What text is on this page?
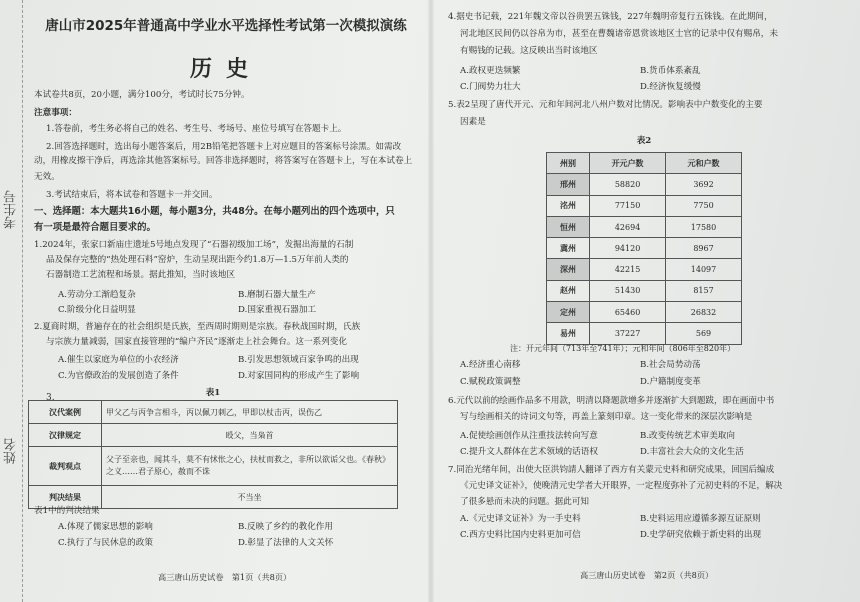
考生号
姓名
唐山市2025年普通高中学业水平选择性考试第一次模拟演练
历史
本试卷共8页，20小题，满分100分，考试时长75分钟。
注意事项：
1.答卷前，考生务必将自己的姓名、考生号、考场号、座位号填写在答题卡上。
2.回答选择题时，选出每小题答案后，用2B铅笔把答题卡上对应题目的答案标号涂黑。如需改
动，用橡皮擦干净后，再选涂其他答案标号。回答非选择题时，将答案写在答题卡上，写在本试卷上
无效。
3.考试结束后，将本试卷和答题卡一并交回。
一、选择题：本大题共16小题，每小题3分，共48分。在每小题列出的四个选项中，只
有一项是最符合题目要求的。
1.2024年，张家口新庙庄遗址5号地点发现了“石器初级加工场”，发掘出海量的石制
品及保存完整的“热处理石料”窑炉，生动呈现出距今约1.8万—1.5万年前人类的
石器制造工艺流程和场景。据此推知，当时该地区
A.劳动分工渐趋复杂	B.磨制石器大量生产
C.阶级分化日益明显	D.国家重视石器加工
2.夏商时期，普遍存在的社会组织是氏族，至西周时期则是宗族。春秋战国时期，氏族
与宗族力量减弱，国家直接管理的“编户齐民”逐渐走上社会舞台。这一系列变化
A.催生以家庭为单位的小农经济	B.引发思想领域百家争鸣的出现
C.为官僚政治的发展创造了条件	D.对家国同构的形成产生了影响
3.	表1
汉代案例	甲父乙与丙争言相斗，丙以佩刀刺乙，甲即以杖击丙，误伤乙
汉律规定	殴父，当枭首
裁判观点	父子至亲也，闻其斗，莫不有怵怅之心，扶杖而救之，非所以欲诟父也。《春秋》之义……君子原心，赦而不诛
判决结果	不当坐
表1中的判决结果
A.体现了儒家思想的影响	B.反映了乡约的教化作用
C.执行了与民休息的政策	D.彰显了法律的人文关怀
高三唐山历史试卷　第1页（共8页）
4.据史书记载，221年魏文帝以谷贵罢五铢钱，227年魏明帝复行五铢钱。在此期间，
河北地区民间仍以谷帛为市，甚至在曹魏诸帝恩赏该地区士官的记录中仅有赐帛，未
有赐钱的记载。这反映出当时该地区
A.政权更迭频繁	B.货币体系紊乱
C.门阀势力壮大	D.经济恢复缓慢
5.表2呈现了唐代开元、元和年间河北八州户数对比情况。影响表中户数变化的主要
因素是
表2
州别	开元户数	元和户数
邢州	58820	3692
洺州	77150	7750
恒州	42694	17580
冀州	94120	8967
深州	42215	14097
赵州	51430	8157
定州	65460	26832
易州	37227	569
注：开元年间（713年至741年）；元和年间（806年至820年）
A.经济重心南移	B.社会局势动荡
C.赋税政策调整	D.户籍制度变革
6.元代以前的绘画作品多不用款，明清以降题款增多并逐渐扩大到题跋，即在画面中书
写与绘画相关的诗词文句等，再盖上篆刻印章。这一变化带来的深层次影响是
A.促使绘画创作从注重技法转向写意	B.改变传统艺术审美取向
C.提升文人群体在艺术领域的话语权	D.丰富社会大众的文化生活
7.同治光绪年间，出使大臣洪钧請人翻译了西方有关蒙元史料和研究成果，回国后编成
《元史译文证补》，使晚清元史学者大开眼界，一定程度弥补了元初史料的不足，解决
了很多悬而未决的问题。据此可知
A.《元史译文证补》为一手史料	B.史料运用应遵循多源互证原则
C.西方史料比国内史料更加可信	D.史学研究依赖于新史料的出现
高三唐山历史试卷　第2页（共8页）
